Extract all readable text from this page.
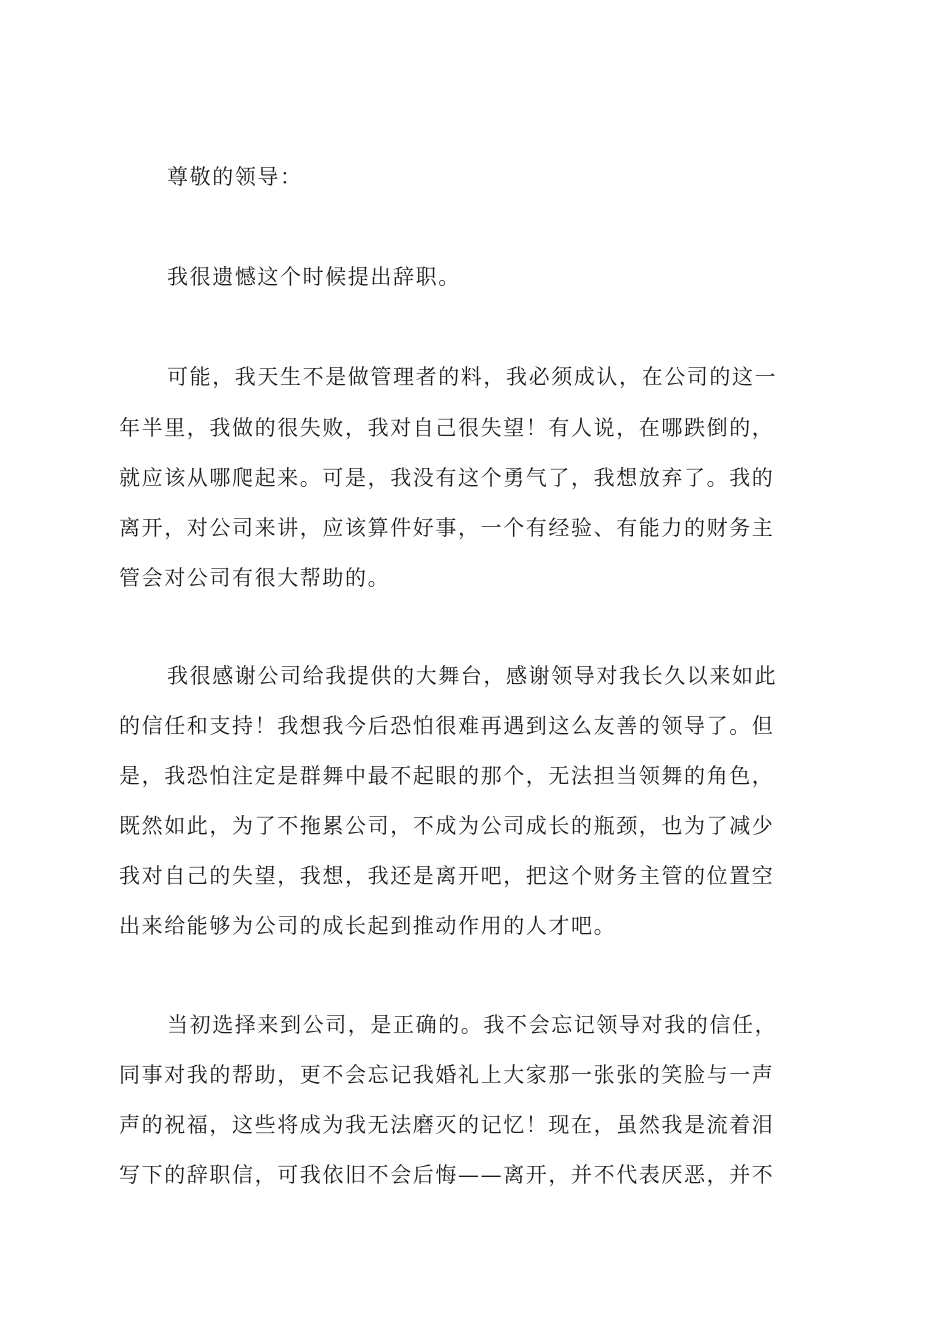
尊敬的领导：
我很遗憾这个时候提出辞职。
可能，我天生不是做管理者的料，我必须成认，在公司的这一
年半里，我做的很失败，我对自己很失望！有人说，在哪跌倒的，
就应该从哪爬起来。可是，我没有这个勇气了，我想放弃了。我的
离开，对公司来讲，应该算件好事，一个有经验、有能力的财务主
管会对公司有很大帮助的。
我很感谢公司给我提供的大舞台，感谢领导对我长久以来如此
的信任和支持！我想我今后恐怕很难再遇到这么友善的领导了。但
是，我恐怕注定是群舞中最不起眼的那个，无法担当领舞的角色，
既然如此，为了不拖累公司，不成为公司成长的瓶颈，也为了减少
我对自己的失望，我想，我还是离开吧，把这个财务主管的位置空
出来给能够为公司的成长起到推动作用的人才吧。
当初选择来到公司，是正确的。我不会忘记领导对我的信任，
同事对我的帮助，更不会忘记我婚礼上大家那一张张的笑脸与一声
声的祝福，这些将成为我无法磨灭的记忆！现在，虽然我是流着泪
写下的辞职信，可我依旧不会后悔——离开，并不代表厌恶，并不
